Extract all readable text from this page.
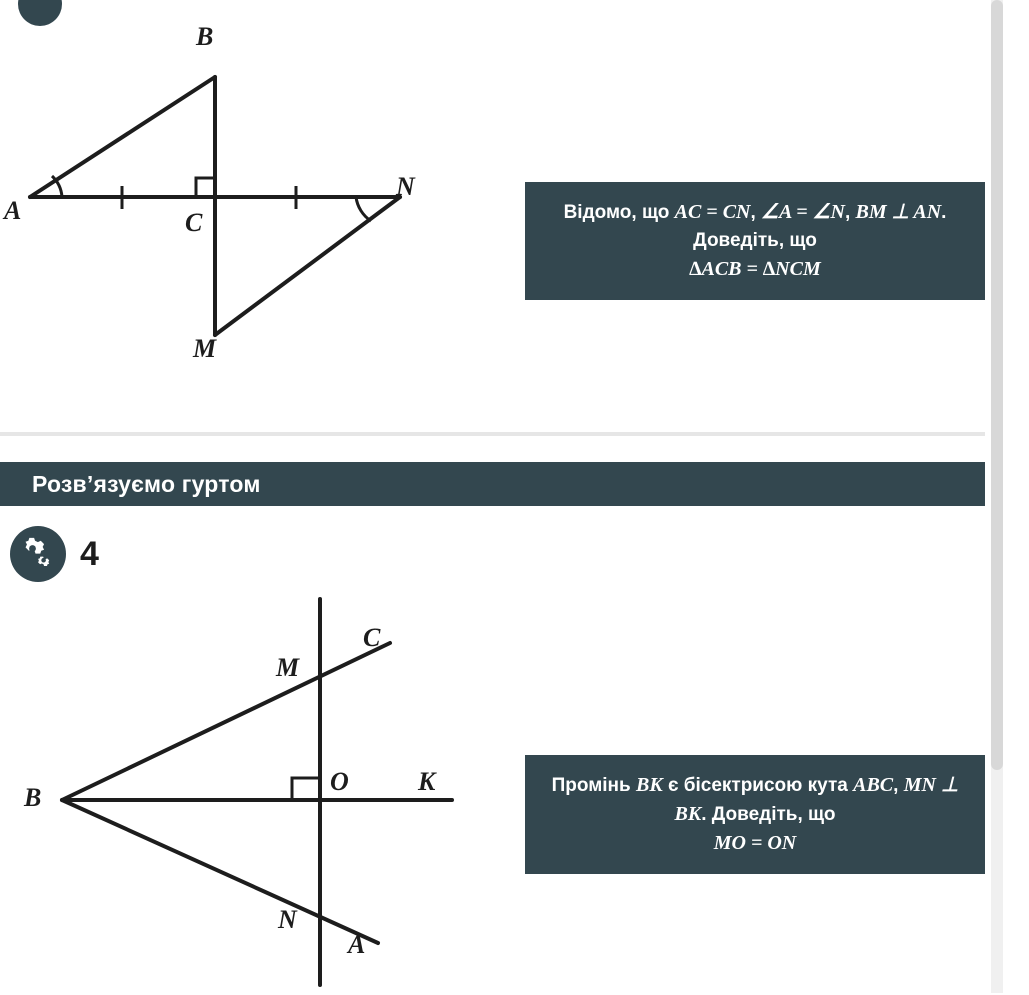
B
A	C
N
M
Відомо, що AC = CN, ∠A = ∠N, BM ⊥ AN. Доведіть, що
∆ACB = ∆NCM
Розв’язуємо гуртом
4
C
M
O	K
B
N
A
Промінь BK є бісектрисою кута ABC, MN ⊥ BK. Доведіть, що
MO = ON
